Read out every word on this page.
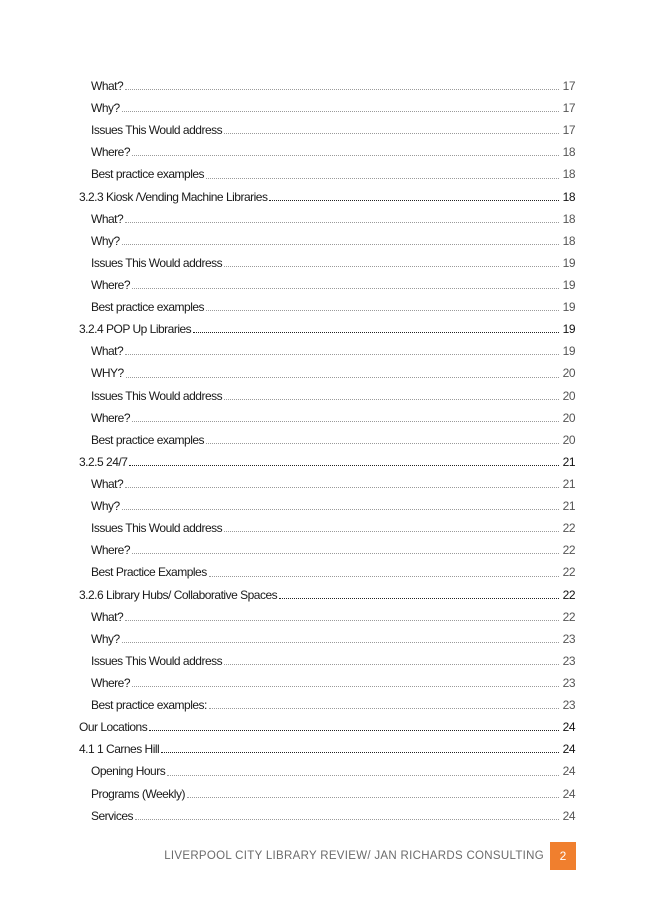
What?	17
Why?	17
Issues This Would address	17
Where?	18
Best practice examples	18
3.2.3 Kiosk /Vending Machine Libraries	18
What?	18
Why?	18
Issues This Would address	19
Where?	19
Best practice examples	19
3.2.4 POP Up Libraries	19
What?	19
WHY?	20
Issues This Would address	20
Where?	20
Best practice examples	20
3.2.5 24/7	21
What?	21
Why?	21
Issues This Would address	22
Where?	22
Best Practice Examples	22
3.2.6 Library Hubs/ Collaborative Spaces	22
What?	22
Why?	23
Issues This Would address	23
Where?	23
Best practice examples:	23
Our Locations	24
4.1 1 Carnes Hill	24
Opening Hours	24
Programs (Weekly)	24
Services	24
LIVERPOOL CITY LIBRARY REVIEW/ JAN RICHARDS CONSULTING	2
